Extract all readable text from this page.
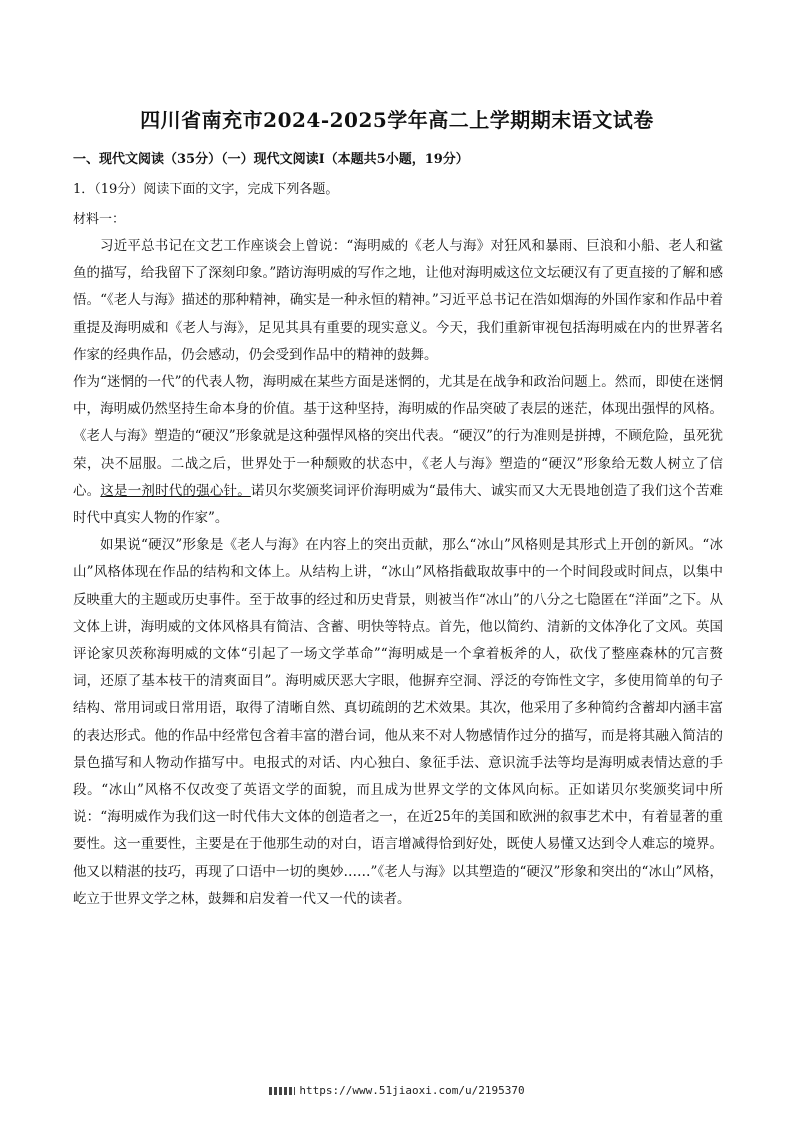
四川省南充市2024-2025学年高二上学期期末语文试卷
一、现代文阅读（35分）（一）现代文阅读Ⅰ（本题共5小题，19分）
1．（19分）阅读下面的文字，完成下列各题。
材料一：

习近平总书记在文艺工作座谈会上曾说：“海明威的《老人与海》对狂风和暴雨、巨浪和小船、老人和鲨鱼的描写，给我留下了深刻印象。”踏访海明威的写作之地，让他对海明威这位文坛硬汉有了更直接的了解和感悟。“《老人与海》描述的那种精神，确实是一种永恒的精神。”习近平总书记在浩如烟海的外国作家和作品中着重提及海明威和《老人与海》，足见其具有重要的现实意义。今天，我们重新审视包括海明威在内的世界著名作家的经典作品，仍会感动，仍会受到作品中的精神的鼓舞。

作为“迷惘的一代”的代表人物，海明威在某些方面是迷惘的，尤其是在战争和政治问题上。然而，即使在迷惘中，海明威仍然坚持生命本身的价值。基于这种坚持，海明威的作品突破了表层的迷茫，体现出强悍的风格。《老人与海》塑造的“硬汉”形象就是这种强悍风格的突出代表。“硬汉”的行为准则是拼搏，不顾危险，虽死犹荣，决不屈服。二战之后，世界处于一种颓败的状态中，《老人与海》塑造的“硬汉”形象给无数人树立了信心。这是一剂时代的强心针。诺贝尔奖颁奖词评价海明威为“最伟大、诚实而又大无畏地创造了我们这个苦难时代中真实人物的作家”。

如果说“硬汉”形象是《老人与海》在内容上的突出贡献，那么“冰山”风格则是其形式上开创的新风。“冰山”风格体现在作品的结构和文体上。从结构上讲，“冰山”风格指截取故事中的一个时间段或时间点，以集中反映重大的主题或历史事件。至于故事的经过和历史背景，则被当作“冰山”的八分之七隐匿在“洋面”之下。从文体上讲，海明威的文体风格具有简洁、含蓄、明快等特点。首先，他以简约、清新的文体净化了文风。英国评论家贝茨称海明威的文体“引起了一场文学革命”“海明威是一个拿着板斧的人，砍伐了整座森林的冗言赘词，还原了基本枝干的清爽面目”。海明威厌恶大字眼，他摒弃空洞、浮泛的夸饰性文字，多使用简单的句子结构、常用词或日常用语，取得了清晰自然、真切疏朗的艺术效果。其次，他采用了多种简约含蓄却内涵丰富的表达形式。他的作品中经常包含着丰富的潜台词，他从来不对人物感情作过分的描写，而是将其融入简洁的景色描写和人物动作描写中。电报式的对话、内心独白、象征手法、意识流手法等均是海明威表情达意的手段。“冰山”风格不仅改变了英语文学的面貌，而且成为世界文学的文体风向标。正如诺贝尔奖颁奖词中所说：“海明威作为我们这一时代伟大文体的创造者之一，在近25年的美国和欧洲的叙事艺术中，有着显著的重要性。这一重要性，主要是在于他那生动的对白，语言增减得恰到好处，既使人易懂又达到令人难忘的境界。他又以精湛的技巧，再现了口语中一切的奥妙……”《老人与海》以其塑造的“硬汉”形象和突出的“冰山”风格，屹立于世界文学之林，鼓舞和启发着一代又一代的读者。

https://www.51jiaoxi.com/u/2195370
